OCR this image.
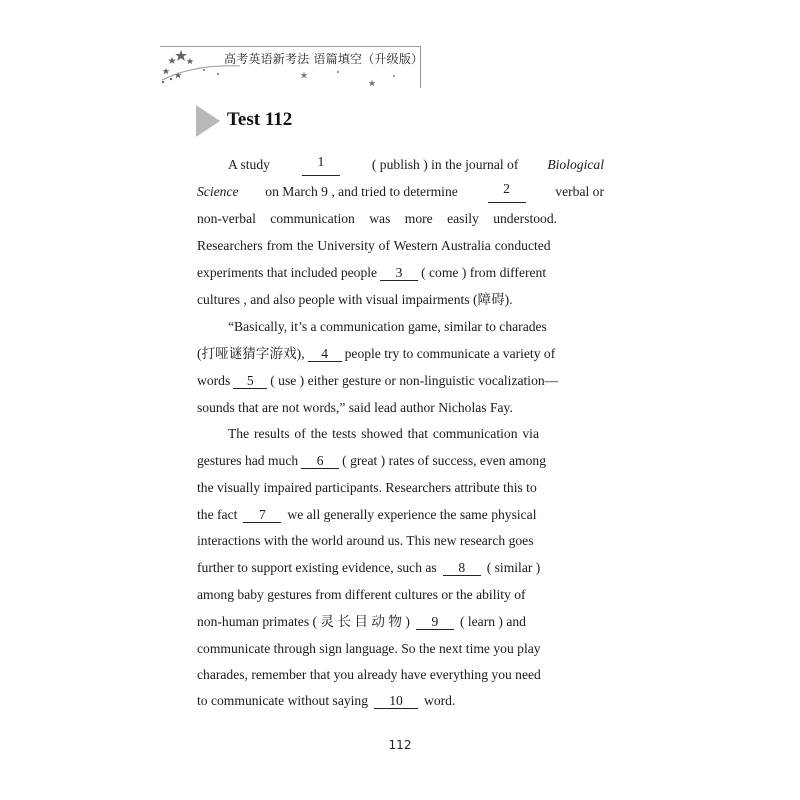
高考英语新考法 语篇填空（升级版）
Test 112
A study	1	( publish ) in the journal of Biological
Science on March 9 , and tried to determine	2	verbal or
non-verbal communication was more easily understood.
Researchers from the University of Western Australia conducted
experiments that included people 3 ( come ) from different
cultures , and also people with visual impairments (障碍).
“Basically, it’s a communication game, similar to charades
(打哑谜猜字游戏), 4 people try to communicate a variety of
words 5 ( use ) either gesture or non-linguistic vocalization—
sounds that are not words,” said lead author Nicholas Fay.
The results of the tests showed that communication via
gestures had much 6 ( great ) rates of success, even among
the visually impaired participants. Researchers attribute this to
the fact 7 we all generally experience the same physical
interactions with the world around us. This new research goes
further to support existing evidence, such as 8 ( similar )
among baby gestures from different cultures or the ability of
non-human primates ( 灵 长 目 动 物 ) 9 ( learn ) and
communicate through sign language. So the next time you play
charades, remember that you already have everything you need
to communicate without saying 10 word.
112
